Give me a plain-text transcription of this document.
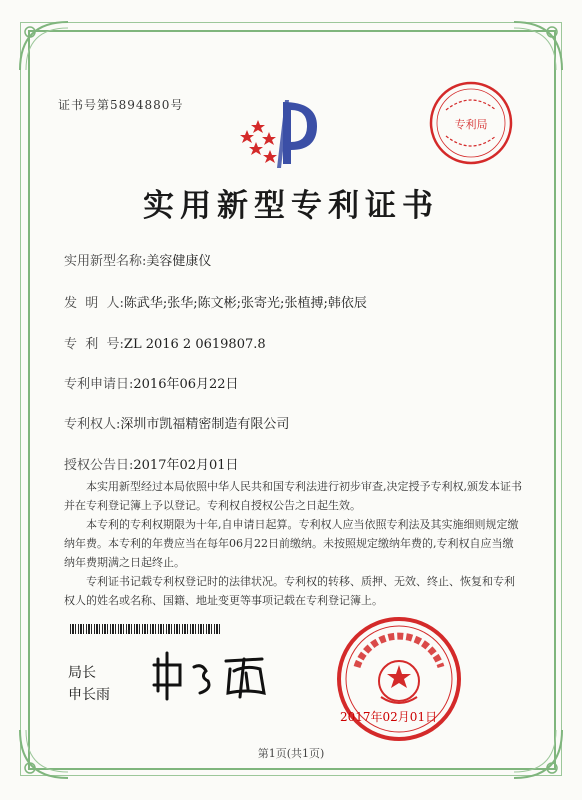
证书号第5894880号
专利局
实用新型专利证书
实用新型名称:美容健康仪
发  明  人:陈武华;张华;陈文彬;张寄光;张植搏;韩依辰
专  利  号:ZL 2016 2 0619807.8
专利申请日:2016年06月22日
专利权人:深圳市凯福精密制造有限公司
授权公告日:2017年02月01日

本实用新型经过本局依照中华人民共和国专利法进行初步审查,决定授予专利权,颁发本证书并在专利登记簿上予以登记。专利权自授权公告之日起生效。

本专利的专利权期限为十年,自申请日起算。专利权人应当依照专利法及其实施细则规定缴纳年费。本专利的年费应当在每年06月22日前缴纳。未按照规定缴纳年费的,专利权自应当缴纳年费期满之日起终止。

专利证书记载专利权登记时的法律状况。专利权的转移、质押、无效、终止、恢复和专利权人的姓名或名称、国籍、地址变更等事项记载在专利登记簿上。

局长
申长雨
2017年02月01日
第1页(共1页)
